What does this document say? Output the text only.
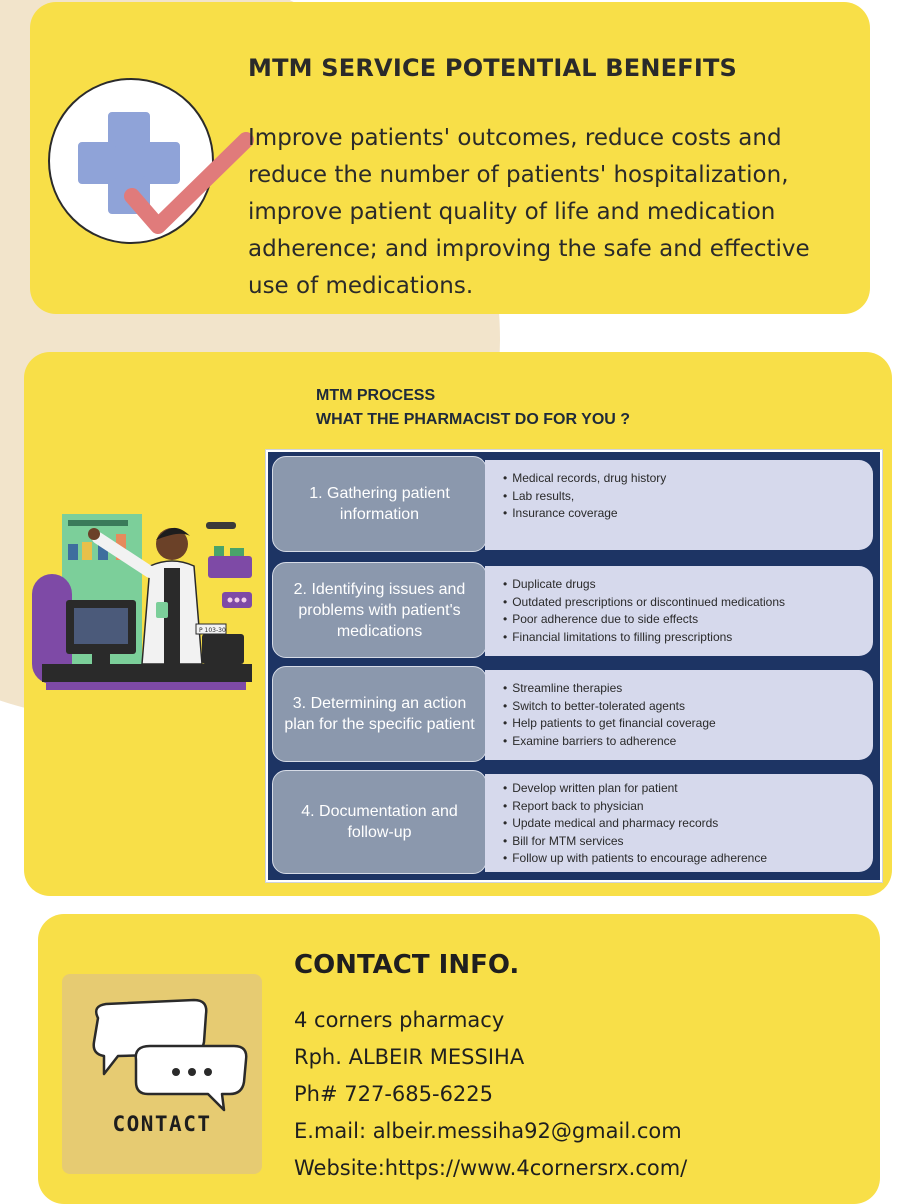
MTM SERVICE POTENTIAL BENEFITS

Improve patients' outcomes, reduce costs and reduce the number of patients' hospitalization, improve patient quality of life and medication adherence; and improving the safe and effective use of medications.

MTM PROCESS
WHAT THE PHARMACIST DO FOR YOU ?
P 103-30
1. Gathering patient information
• Medical records, drug history
• Lab results,
• Insurance coverage
2. Identifying issues and problems with patient's medications
• Duplicate drugs
• Outdated prescriptions or discontinued medications
• Poor adherence due to side effects
• Financial limitations to filling prescriptions
3. Determining an action plan for the specific patient
• Streamline therapies
• Switch to better-tolerated agents
• Help patients to get financial coverage
• Examine barriers to adherence
4. Documentation and follow-up
• Develop written plan for patient
• Report back to physician
• Update medical and pharmacy records
• Bill for MTM services
• Follow up with patients to encourage adherence

CONTACT

CONTACT INFO.
4 corners pharmacy
Rph. ALBEIR MESSIHA
Ph# 727-685-6225
E.mail: albeir.messiha92@gmail.com
Website:https://www.4cornersrx.com/
